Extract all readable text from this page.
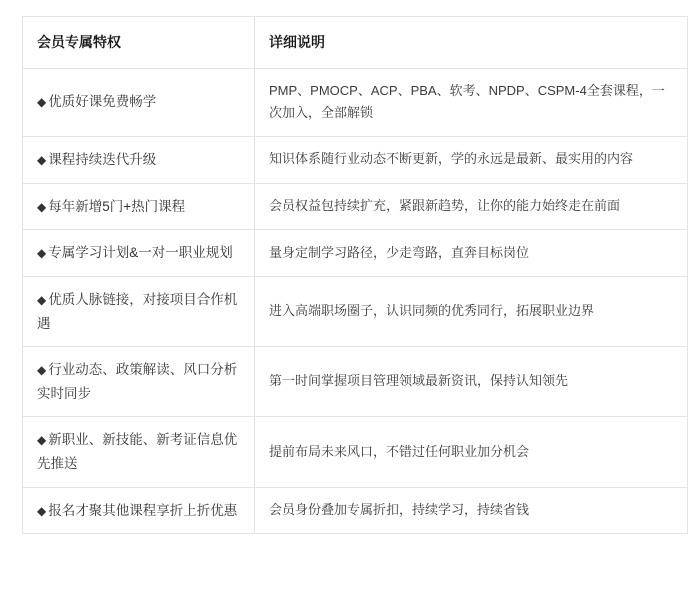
会员专属特权	详细说明
◆ 优质好课免费畅学	PMP、PMOCP、ACP、PBA、软考、NPDP、CSPM-4全套课程，一次加入，全部解锁
◆ 课程持续迭代升级	知识体系随行业动态不断更新，学的永远是最新、最实用的内容
◆ 每年新增5门+热门课程	会员权益包持续扩充，紧跟新趋势，让你的能力始终走在前面
◆ 专属学习计划&一对一职业规划	量身定制学习路径，少走弯路，直奔目标岗位
◆ 优质人脉链接，对接项目合作机遇	进入高端职场圈子，认识同频的优秀同行，拓展职业边界
◆ 行业动态、政策解读、风口分析实时同步	第一时间掌握项目管理领域最新资讯，保持认知领先
◆ 新职业、新技能、新考证信息优先推送	提前布局未来风口，不错过任何职业加分机会
◆ 报名才聚其他课程享折上折优惠	会员身份叠加专属折扣，持续学习，持续省钱
